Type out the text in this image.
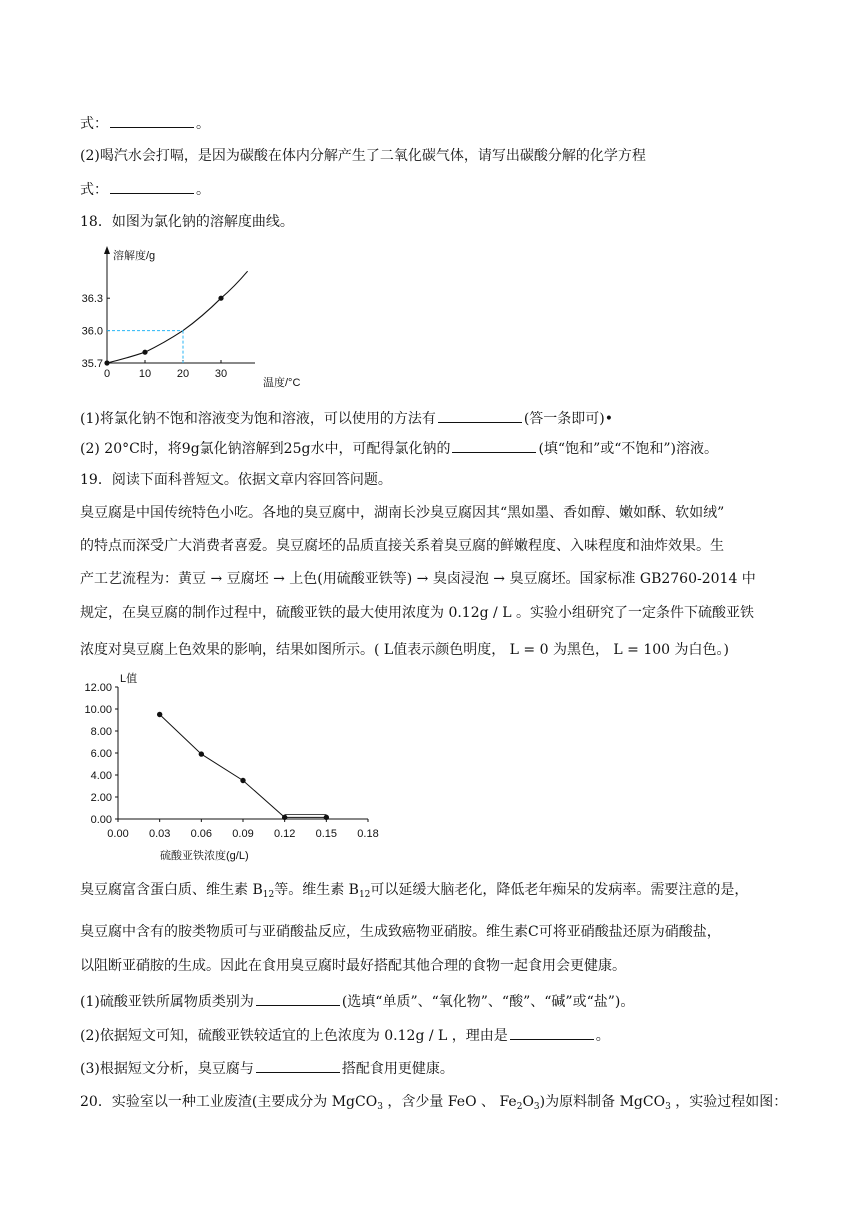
式：	。
(2)喝汽水会打嗝，是因为碳酸在体内分解产生了二氧化碳气体，请写出碳酸分解的化学方程
式：	。
18．如图为氯化钠的溶解度曲线。
溶解度/g
温度/°C
0	10 20 30
35.7
36.0
36.3
(1)将氯化钠不饱和溶液变为饱和溶液，可以使用的方法有	(答一条即可)•
(2) 20°C时，将9g氯化钠溶解到25g水中，可配得氯化钠的	(填“饱和”或“不饱和”)溶液。
19．阅读下面科普短文。依据文章内容回答问题。
臭豆腐是中国传统特色小吃。各地的臭豆腐中，湖南长沙臭豆腐因其“黑如墨、香如醇、嫩如酥、软如绒”
的特点而深受广大消费者喜爱。臭豆腐坯的品质直接关系着臭豆腐的鲜嫩程度、入味程度和油炸效果。生
产工艺流程为：黄豆 → 豆腐坯 → 上色(用硫酸亚铁等) → 臭卤浸泡 → 臭豆腐坯。国家标准 GB2760-2014 中
规定，在臭豆腐的制作过程中，硫酸亚铁的最大使用浓度为 0.12g / L 。实验小组研究了一定条件下硫酸亚铁
浓度对臭豆腐上色效果的影响，结果如图所示。( L值表示颜色明度， L = 0 为黑色， L = 100 为白色。)
L值
硫酸亚铁浓度(g/L)
0.00 0.03 0.06 0.09 0.12 0.15 0.18
0.00
2.00
4.00
6.00
8.00
10.00
12.00
臭豆腐富含蛋白质、维生素 $B_{12}$等。维生素 $B_{12}$可以延缓大脑老化，降低老年痴呆的发病率。需要注意的是，
臭豆腐中含有的胺类物质可与亚硝酸盐反应，生成致癌物亚硝胺。维生素C可将亚硝酸盐还原为硝酸盐，
以阻断亚硝胺的生成。因此在食用臭豆腐时最好搭配其他合理的食物一起食用会更健康。
(1)硫酸亚铁所属物质类别为	(选填“单质”、“氧化物”、“酸”、“碱”或“盐”)。
(2)依据短文可知，硫酸亚铁较适宜的上色浓度为 0.12g / L ，理由是	。
(3)根据短文分析，臭豆腐与	搭配食用更健康。
20．实验室以一种工业废渣(主要成分为 MgCO$_3$ ，含少量 FeO 、 $Fe_2O_3$)为原料制备 MgCO$_3$ ，实验过程如图：
